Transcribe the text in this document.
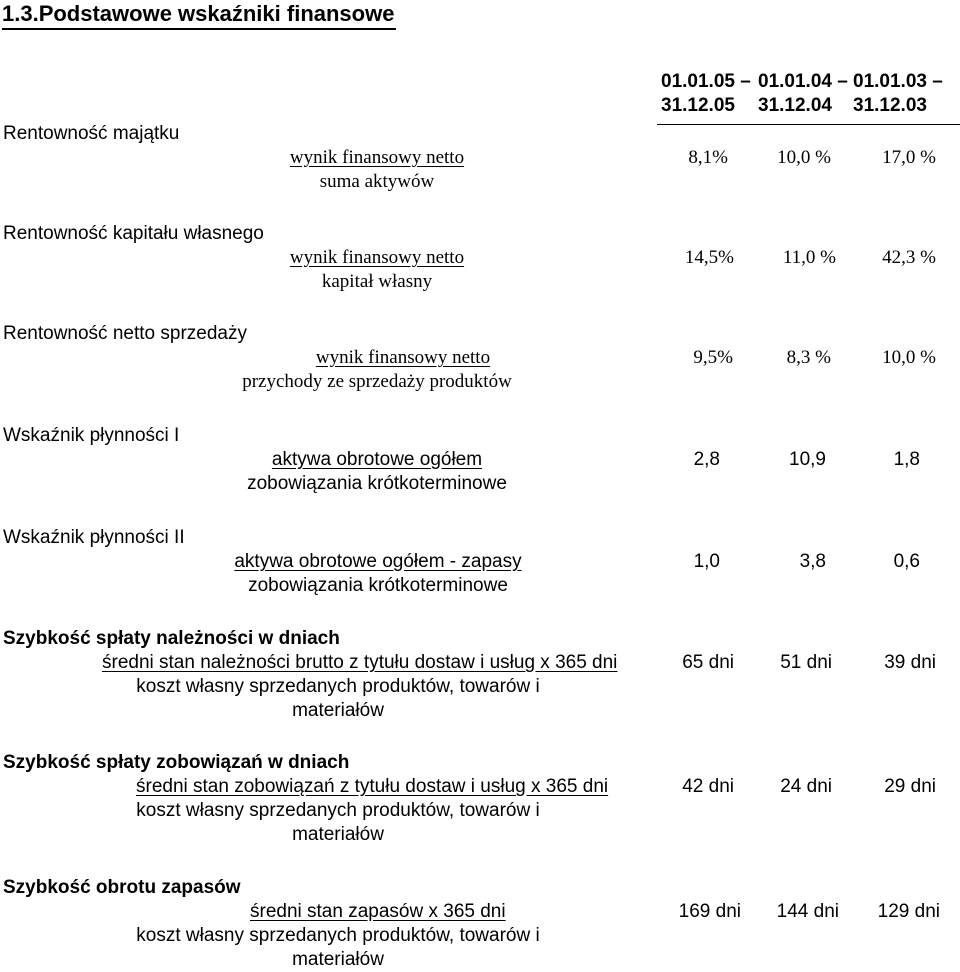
1.3.Podstawowe wskaźniki finansowe
01.01.05 –
31.12.05
01.01.04 –
31.12.04
01.01.03 –
31.12.03
Rentowność majątku
wynik finansowy netto
suma aktywów
8,1%	10,0 %	17,0 %
Rentowność kapitału własnego
wynik finansowy netto
kapitał własny
14,5%	11,0 % 42,3 %
Rentowność netto sprzedaży
wynik finansowy netto
przychody ze sprzedaży produktów
9,5%	8,3 %	10,0 %
Wskaźnik płynności I
aktywa obrotowe ogółem
zobowiązania krótkoterminowe
2,8	10,9	1,8
Wskaźnik płynności II
aktywa obrotowe ogółem - zapasy
zobowiązania krótkoterminowe
1,0	3,8	0,6
Szybkość spłaty należności w dniach
średni stan należności brutto z tytułu dostaw i usług x 365 dni
koszt własny sprzedanych produktów, towarów i
materiałów
65 dni 51 dni	39 dni
Szybkość spłaty zobowiązań w dniach
średni stan zobowiązań z tytułu dostaw i usług x 365 dni
koszt własny sprzedanych produktów, towarów i
materiałów
42 dni 24 dni	29 dni
Szybkość obrotu zapasów
średni stan zapasów x 365 dni
koszt własny sprzedanych produktów, towarów i
materiałów
169 dni 144 dni 129 dni
